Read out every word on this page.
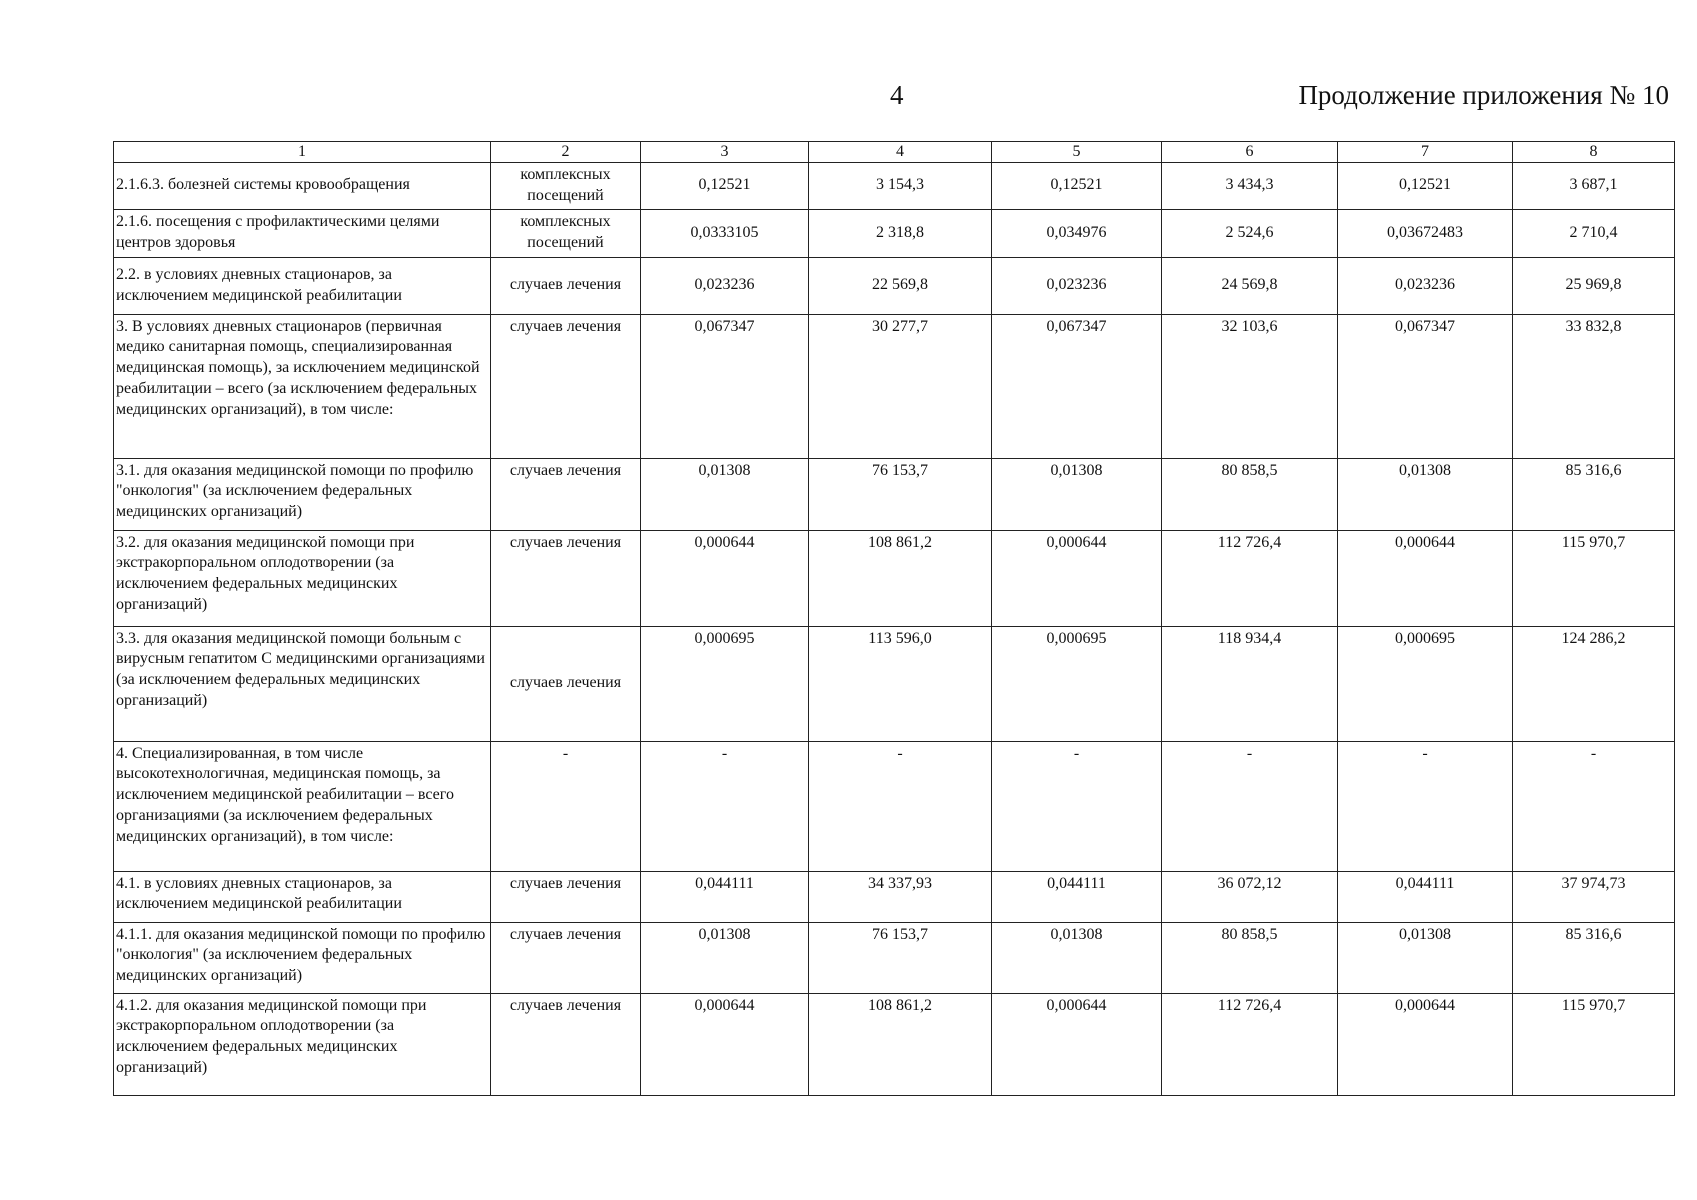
4	Продолжение приложения № 10
1	2	3	4	5	6	7	8
2.1.6.3. болезней системы кровообращения	комплексных посещений	0,12521	3 154,3	0,12521	3 434,3	0,12521	3 687,1
2.1.6. посещения с профилактическими целями центров здоровья	комплексных посещений	0,0333105	2 318,8	0,034976	2 524,6	0,03672483	2 710,4
2.2. в условиях дневных стационаров, за исключением медицинской реабилитации	случаев лечения	0,023236	22 569,8	0,023236	24 569,8	0,023236	25 969,8
3. В условиях дневных стационаров (первичная медико санитарная помощь, специализированная медицинская помощь), за исключением медицинской реабилитации – всего (за исключением федеральных медицинских организаций), в том числе:	случаев лечения	0,067347	30 277,7	0,067347	32 103,6	0,067347	33 832,8
3.1. для оказания медицинской помощи по профилю "онкология" (за исключением федеральных медицинских организаций)	случаев лечения	0,01308	76 153,7	0,01308	80 858,5	0,01308	85 316,6
3.2. для оказания медицинской помощи при экстракорпоральном оплодотворении (за исключением федеральных медицинских организаций)	случаев лечения	0,000644	108 861,2	0,000644	112 726,4	0,000644	115 970,7
3.3. для оказания медицинской помощи больным с вирусным гепатитом С медицинскими организациями (за исключением федеральных медицинских организаций)	случаев лечения	0,000695	113 596,0	0,000695	118 934,4	0,000695	124 286,2
4. Специализированная, в том числе высокотехнологичная, медицинская помощь, за исключением медицинской реабилитации – всего организациями (за исключением федеральных медицинских организаций), в том числе:	-	-	-	-	-	-	-
4.1. в условиях дневных стационаров, за исключением медицинской реабилитации	случаев лечения	0,044111	34 337,93	0,044111	36 072,12	0,044111	37 974,73
4.1.1. для оказания медицинской помощи по профилю "онкология" (за исключением федеральных медицинских организаций)	случаев лечения	0,01308	76 153,7	0,01308	80 858,5	0,01308	85 316,6
4.1.2. для оказания медицинской помощи при экстракорпоральном оплодотворении (за исключением федеральных медицинских организаций)	случаев лечения	0,000644	108 861,2	0,000644	112 726,4	0,000644	115 970,7
